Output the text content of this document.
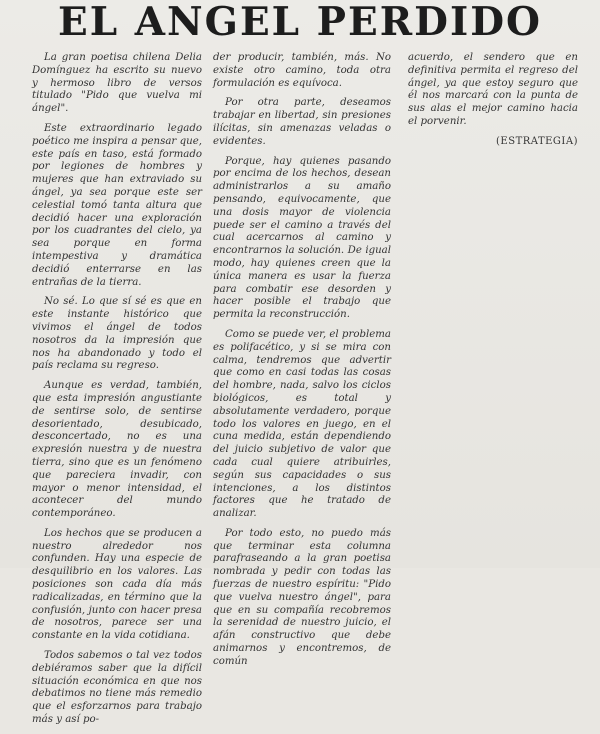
EL ANGEL PERDIDO

La gran poetisa chilena Delia Domínguez ha escrito su nuevo y hermoso libro de versos titulado "Pido que vuelva mi ángel".

Este extraordinario legado poético me inspira a pensar que, este país en taso, está formado por legiones de hombres y mujeres que han extraviado su ángel, ya sea porque este ser celestial tomó tanta altura que decidió hacer una exploración por los cuadrantes del cielo, ya sea porque en forma intempestiva y dramática decidió enterrarse en las entrañas de la tierra.

No sé. Lo que sí sé es que en este instante histórico que vivimos el ángel de todos nosotros da la impresión que nos ha abandonado y todo el país reclama su regreso.

Aunque es verdad, también, que esta impresión angustiante de sentirse solo, de sentirse desorientado, desubicado, desconcertado, no es una expresión nuestra y de nuestra tierra, sino que es un fenómeno que pareciera invadir, con mayor o menor intensidad, el acontecer del mundo contemporáneo.

Los hechos que se producen a nuestro alrededor nos confunden. Hay una especie de desquilibrio en los valores. Las posiciones son cada día más radicalizadas, en término que la confusión, junto con hacer presa de nosotros, parece ser una constante en la vida cotidiana.

Todos sabemos o tal vez todos debiéramos saber que la difícil situación económica en que nos debatimos no tiene más remedio que el esforzarnos para trabajo más y así po-

der producir, también, más. No existe otro camino, toda otra formulación es equívoca.

Por otra parte, deseamos trabajar en libertad, sin presiones ilícitas, sin amenazas veladas o evidentes.

Porque, hay quienes pasando por encima de los hechos, desean administrarlos a su amaño pensando, equivocamente, que una dosis mayor de violencia puede ser el camino a través del cual acercarnos al camino y encontrarnos la solución. De igual modo, hay quienes creen que la única manera es usar la fuerza para combatir ese desorden y hacer posible el trabajo que permita la reconstrucción.

Como se puede ver, el problema es polifacético, y si se mira con calma, tendremos que advertir que como en casi todas las cosas del hombre, nada, salvo los ciclos biológicos, es total y absolutamente verdadero, porque todo los valores en juego, en el cuna medida, están dependiendo del juicio subjetivo de valor que cada cual quiere atribuirles, según sus capacidades o sus intenciones, a los distintos factores que he tratado de analizar.

Por todo esto, no puedo más que terminar esta columna parafraseando a la gran poetisa nombrada y pedir con todas las fuerzas de nuestro espíritu: "Pido que vuelva nuestro ángel", para que en su compañía recobremos la serenidad de nuestro juicio, el afán constructivo que debe animarnos y encontremos, de común

acuerdo, el sendero que en definitiva permita el regreso del ángel, ya que estoy seguro que él nos marcará con la punta de sus alas el mejor camino hacia el porvenir.

(ESTRATEGIA)
